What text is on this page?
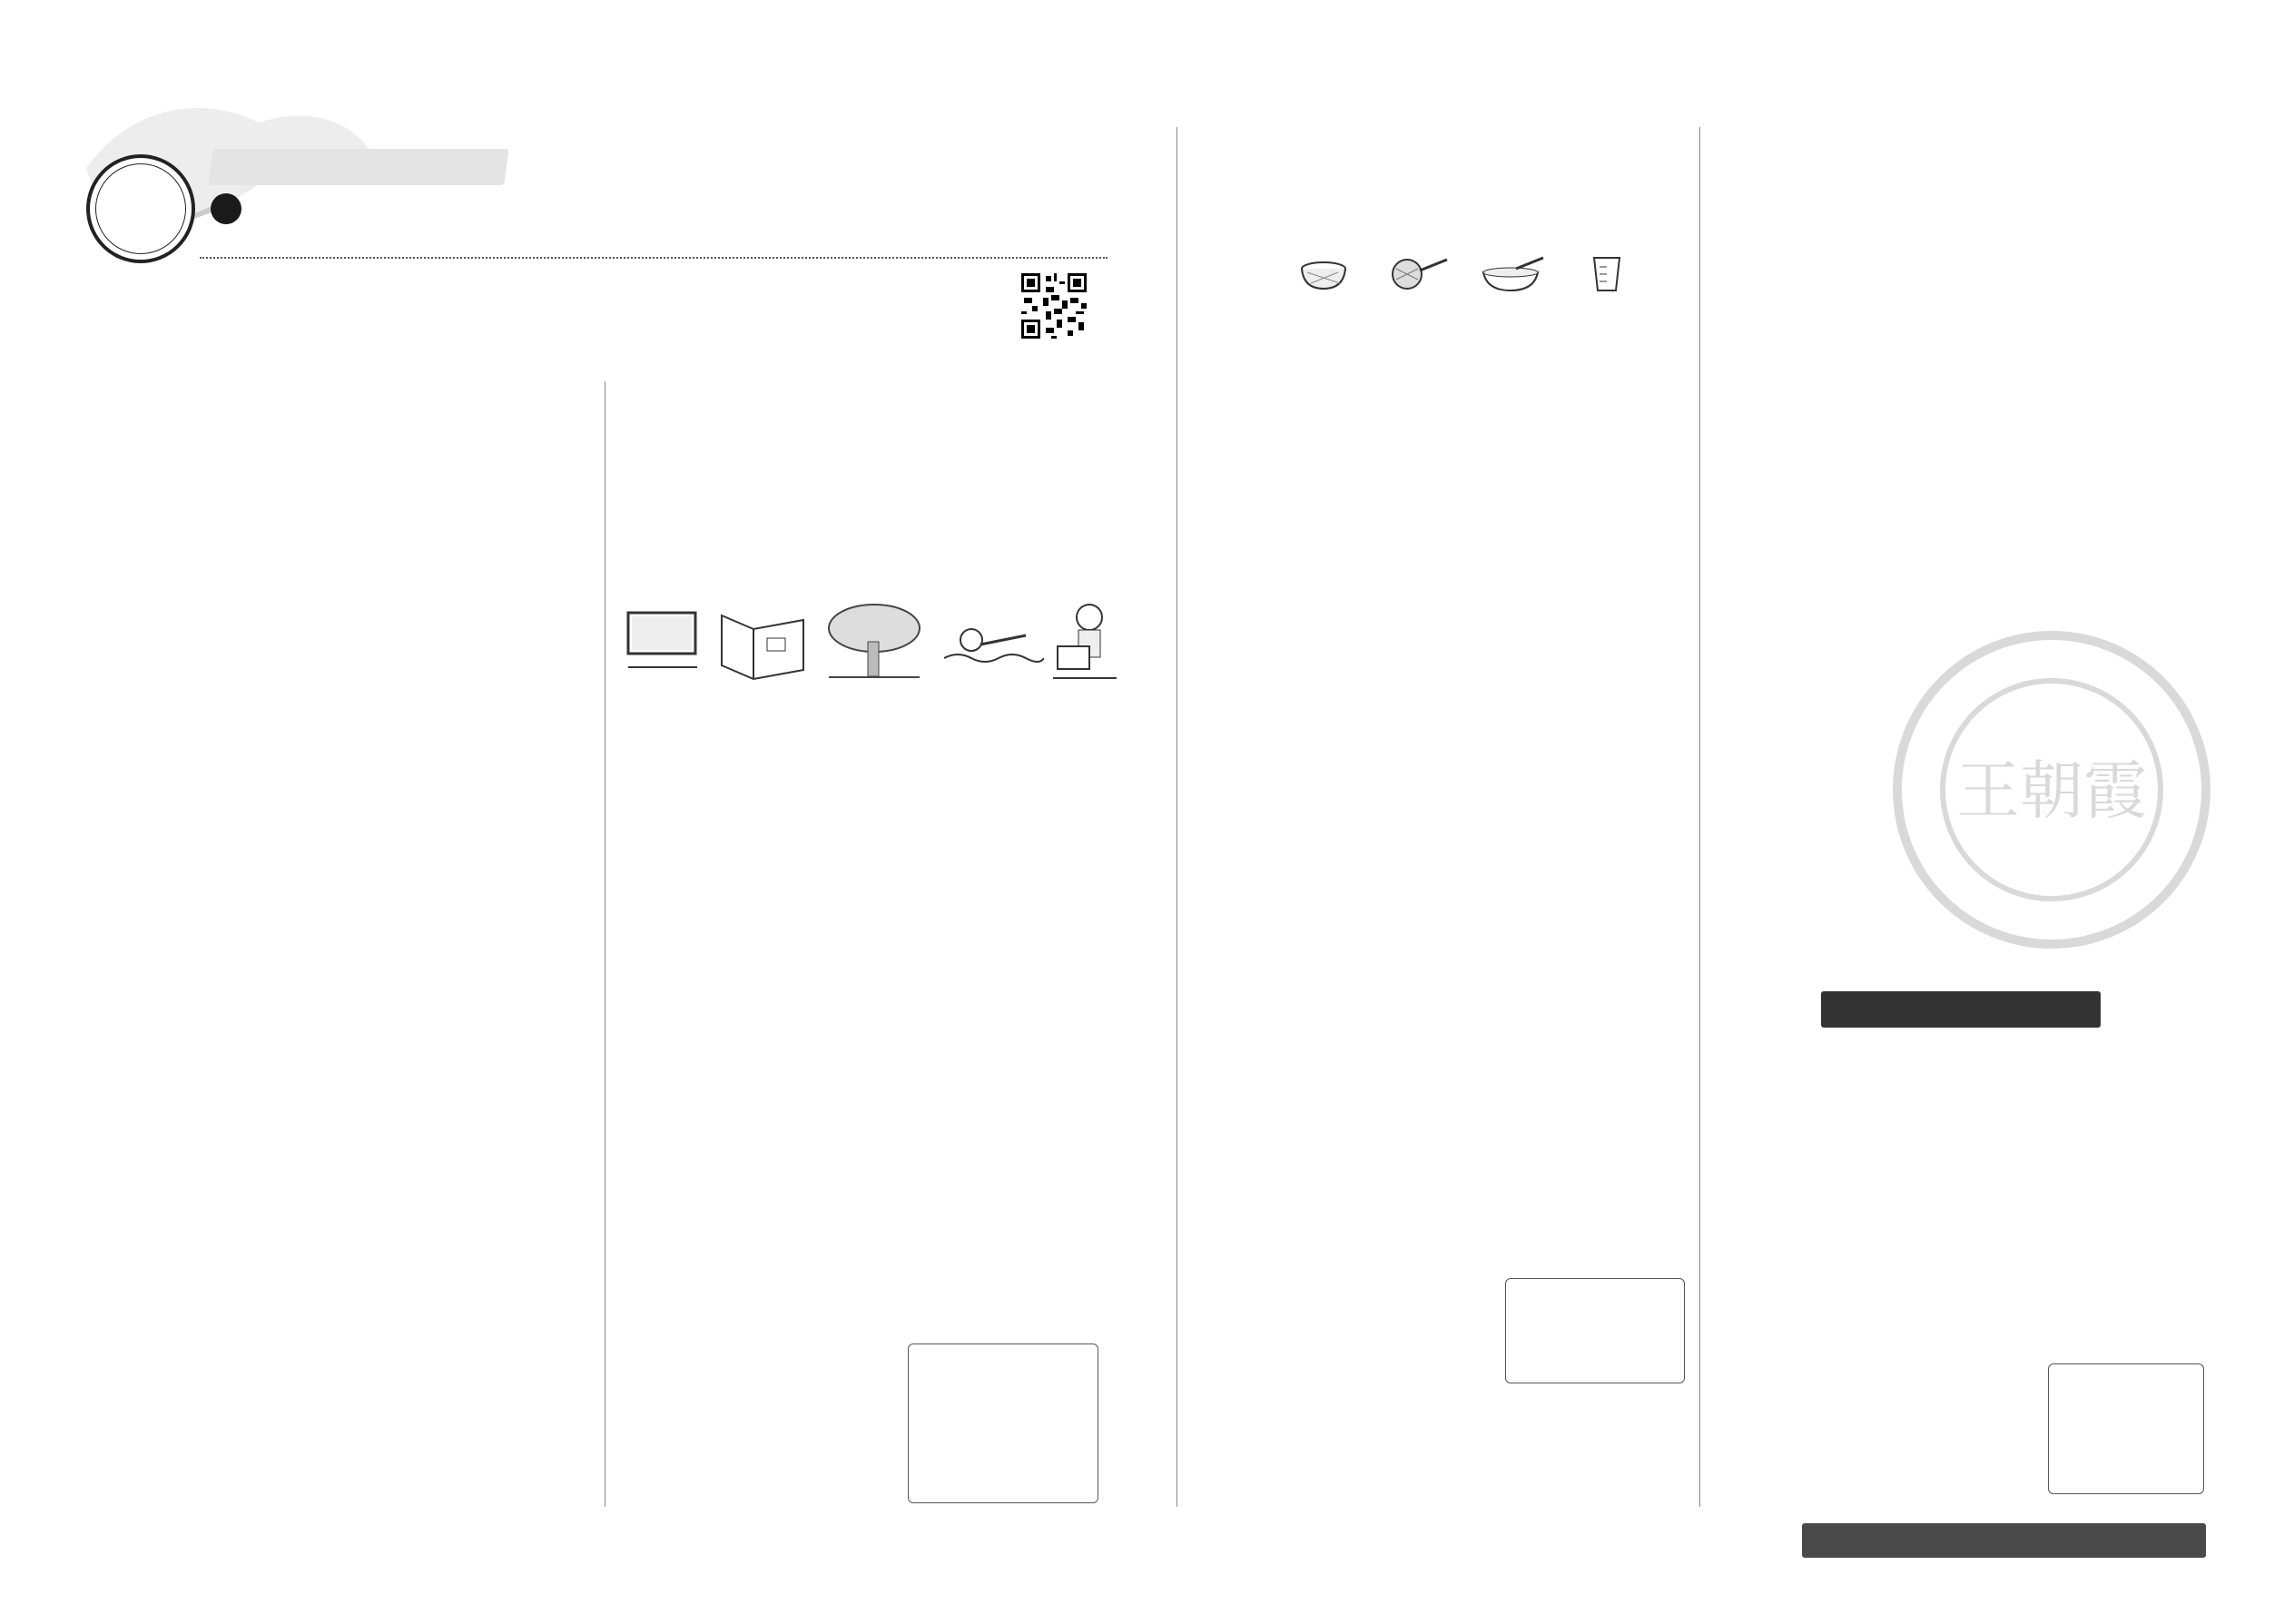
王朝霞
